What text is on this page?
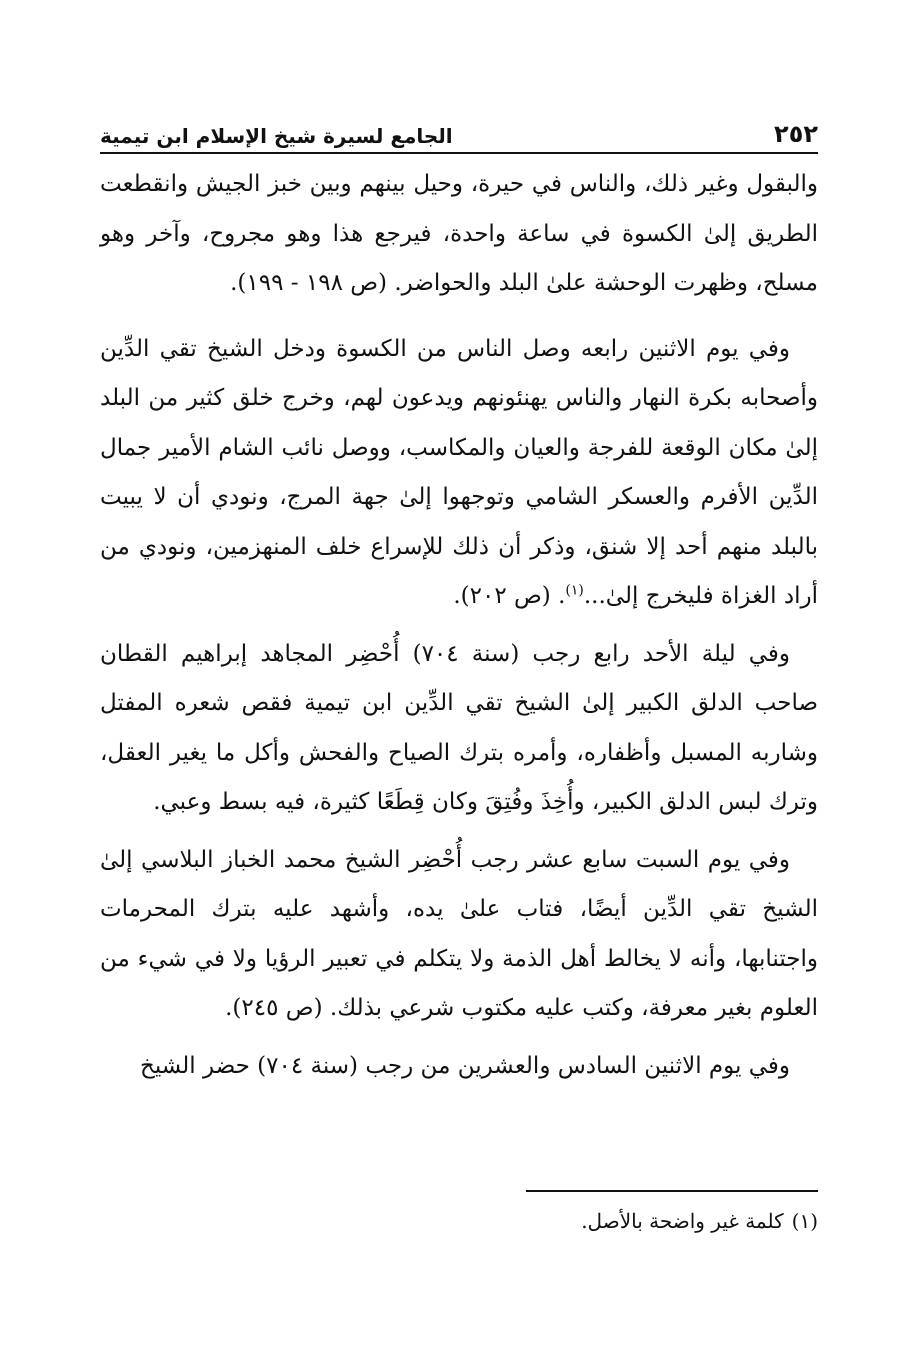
٢٥٢
الجامع لسيرة شيخ الإسلام ابن تيمية

والبقول وغير ذلك، والناس في حيرة، وحيل بينهم وبين خبز الجيش وانقطعت الطريق إلىٰ الكسوة في ساعة واحدة، فيرجع هذا وهو مجروح، وآخر وهو مسلح، وظهرت الوحشة علىٰ البلد والحواضر. (ص ١٩٨ - ١٩٩).

وفي يوم الاثنين رابعه وصل الناس من الكسوة ودخل الشيخ تقي الدِّين وأصحابه بكرة النهار والناس يهنئونهم ويدعون لهم، وخرج خلق كثير من البلد إلىٰ مكان الوقعة للفرجة والعيان والمكاسب، ووصل نائب الشام الأمير جمال الدِّين الأفرم والعسكر الشامي وتوجهوا إلىٰ جهة المرج، ونودي أن لا يبيت بالبلد منهم أحد إلا شنق، وذكر أن ذلك للإسراع خلف المنهزمين، ونودي من أراد الغزاة فليخرج إلىٰ...$^{(١)}$. (ص ٢٠٢).

وفي ليلة الأحد رابع رجب (سنة ٧٠٤) أُحْضِر المجاهد إبراهيم القطان صاحب الدلق الكبير إلىٰ الشيخ تقي الدِّين ابن تيمية فقص شعره المفتل وشاربه المسبل وأظفاره، وأمره بترك الصياح والفحش وأكل ما يغير العقل، وترك لبس الدلق الكبير، وأُخِذَ وفُتِقَ وكان قِطَعًا كثيرة، فيه بسط وعبي.

وفي يوم السبت سابع عشر رجب أُحْضِر الشيخ محمد الخباز البلاسي إلىٰ الشيخ تقي الدِّين أيضًا، فتاب علىٰ يده، وأشهد عليه بترك المحرمات واجتنابها، وأنه لا يخالط أهل الذمة ولا يتكلم في تعبير الرؤيا ولا في شيء من العلوم بغير معرفة، وكتب عليه مكتوب شرعي بذلك. (ص ٢٤٥).

وفي يوم الاثنين السادس والعشرين من رجب (سنة ٧٠٤) حضر الشيخ

(١)كلمة غير واضحة بالأصل.
